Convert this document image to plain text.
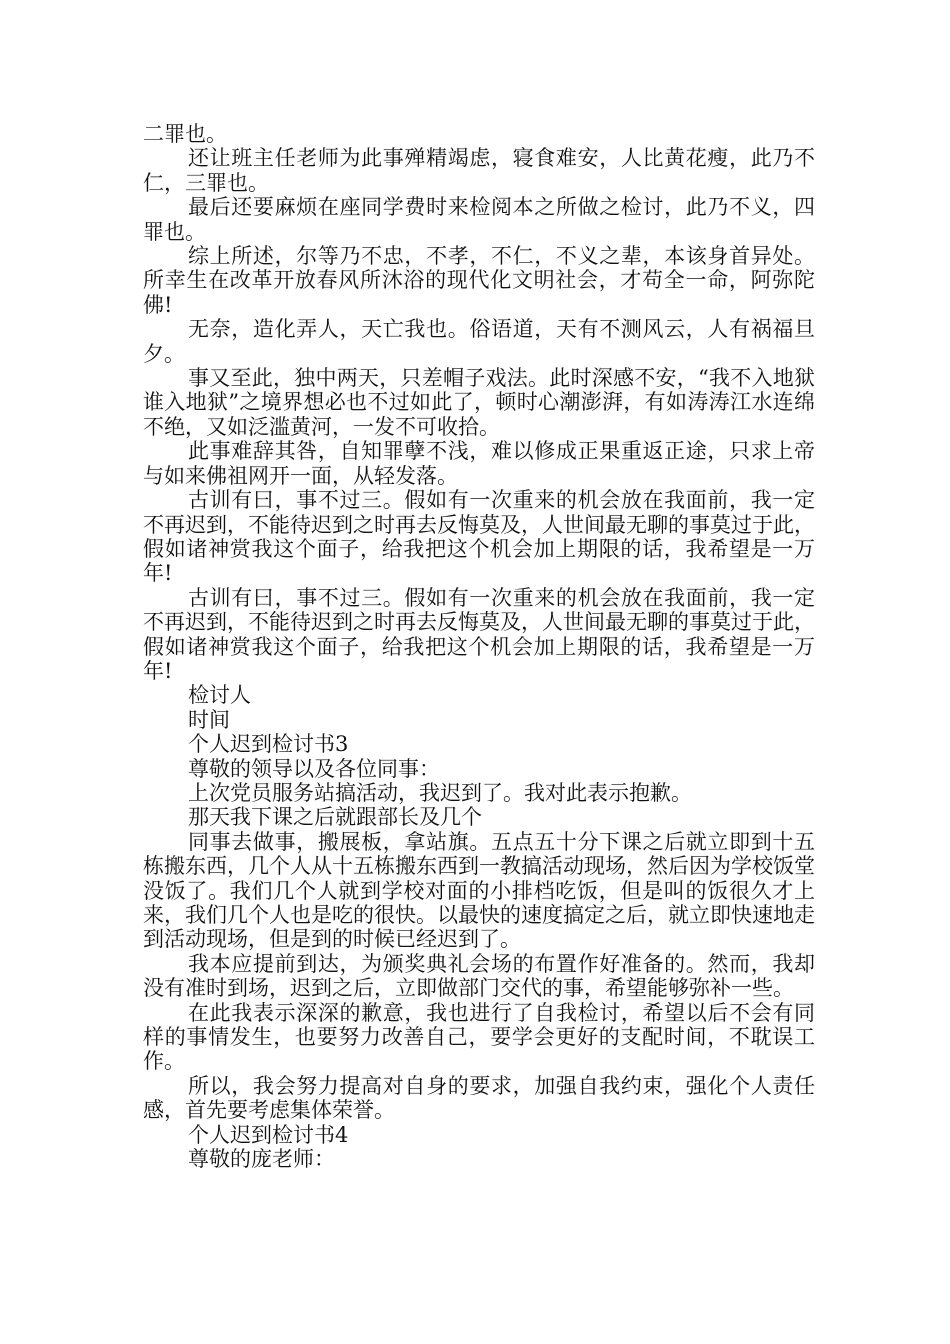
二罪也。

还让班主任老师为此事殚精竭虑，寝食难安，人比黄花瘦，此乃不仁，三罪也。

最后还要麻烦在座同学费时来检阅本之所做之检讨，此乃不义，四罪也。

综上所述，尔等乃不忠，不孝，不仁，不义之辈，本该身首异处。所幸生在改革开放春风所沐浴的现代化文明社会，才苟全一命，阿弥陀佛!

无奈，造化弄人，天亡我也。俗语道，天有不测风云，人有祸福旦夕。

事又至此，独中两天，只差帽子戏法。此时深感不安，“我不入地狱谁入地狱”之境界想必也不过如此了，顿时心潮澎湃，有如涛涛江水连绵不绝，又如泛滥黄河，一发不可收拾。

此事难辞其咎，自知罪孽不浅，难以修成正果重返正途，只求上帝与如来佛祖网开一面，从轻发落。

古训有曰，事不过三。假如有一次重来的机会放在我面前，我一定不再迟到，不能待迟到之时再去反悔莫及，人世间最无聊的事莫过于此，假如诸神赏我这个面子，给我把这个机会加上期限的话，我希望是一万年!

古训有曰，事不过三。假如有一次重来的机会放在我面前，我一定不再迟到，不能待迟到之时再去反悔莫及，人世间最无聊的事莫过于此，假如诸神赏我这个面子，给我把这个机会加上期限的话，我希望是一万年!

检讨人

时间

个人迟到检讨书3

尊敬的领导以及各位同事：

上次党员服务站搞活动，我迟到了。我对此表示抱歉。

那天我下课之后就跟部长及几个

同事去做事，搬展板，拿站旗。五点五十分下课之后就立即到十五栋搬东西，几个人从十五栋搬东西到一教搞活动现场，然后因为学校饭堂没饭了。我们几个人就到学校对面的小排档吃饭，但是叫的饭很久才上来，我们几个人也是吃的很快。以最快的速度搞定之后，就立即快速地走到活动现场，但是到的时候已经迟到了。

我本应提前到达，为颁奖典礼会场的布置作好准备的。然而，我却没有准时到场，迟到之后，立即做部门交代的事，希望能够弥补一些。

在此我表示深深的歉意，我也进行了自我检讨，希望以后不会有同样的事情发生，也要努力改善自己，要学会更好的支配时间，不耽误工作。

所以，我会努力提高对自身的要求，加强自我约束，强化个人责任感，首先要考虑集体荣誉。

个人迟到检讨书4

尊敬的庞老师：
